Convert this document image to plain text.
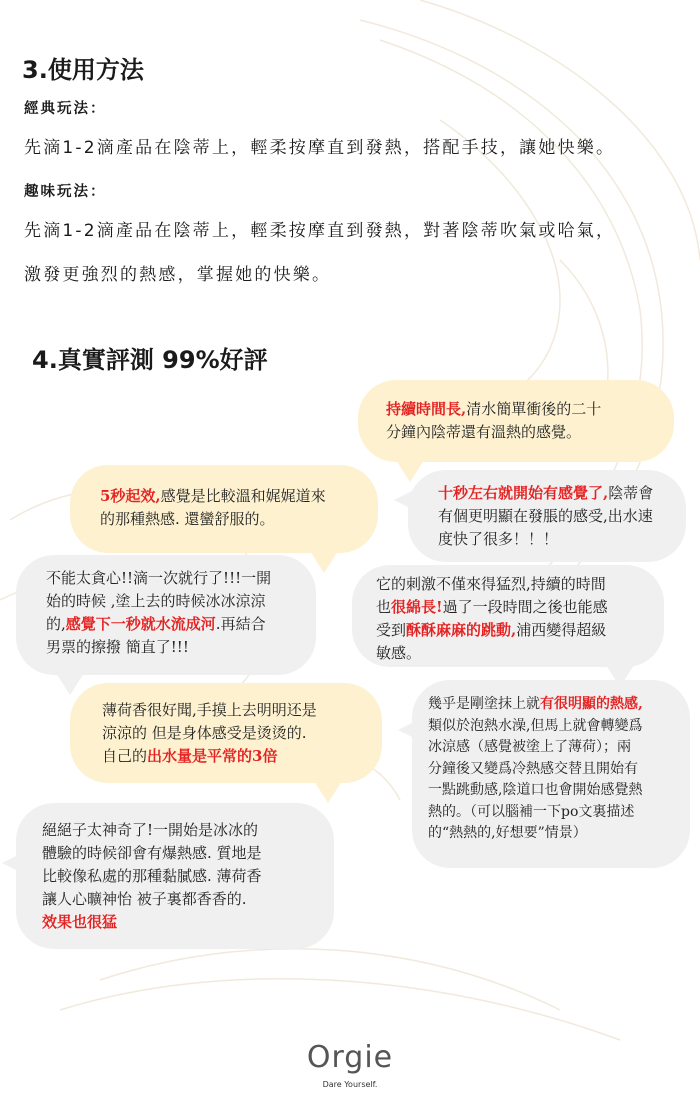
3.使用方法
經典玩法：
先滴1-2滴產品在陰蒂上，輕柔按摩直到發熱，搭配手技，讓她快樂。
趣味玩法：
先滴1-2滴產品在陰蒂上，輕柔按摩直到發熱，對著陰蒂吹氣或哈氣，
激發更強烈的熱感，掌握她的快樂。
4.真實評測 99%好評
持續時間長,清水簡單衝後的二十
分鐘內陰蒂還有溫熱的感覺。
5秒起效,感覺是比較溫和娓娓道來
的那種熱感. 還蠻舒服的。
十秒左右就開始有感覺了,陰蒂會
有個更明顯在發脹的感受,出水速
度快了很多！！！
不能太貪心!!滴一次就行了!!!一開
始的時候 ,塗上去的時候冰冰涼涼
的,感覺下一秒就水流成河.再結合
男票的擦撥 簡直了!!!
它的刺激不僅來得猛烈,持續的時間
也很綿長!過了一段時間之後也能感
受到酥酥麻麻的跳動,浦西變得超級
敏感。
薄荷香很好聞,手摸上去明明还是
涼涼的 但是身体感受是烫烫的.
自己的出水量是平常的3倍
幾乎是剛塗抹上就有很明顯的熱感,
類似於泡熱水澡,但馬上就會轉變爲
冰涼感（感覺被塗上了薄荷）；兩
分鐘後又變爲冷熱感交替且開始有
一點跳動感,陰道口也會開始感覺熱
熱的。（可以腦補一下po文裏描述
的“熱熱的,好想要”情景）
絕絕子太神奇了!一開始是冰冰的
體驗的時候卻會有爆熱感. 質地是
比較像私處的那種黏膩感. 薄荷香
讓人心曠神怡 被子裏都香香的.
效果也很猛
Orgie
Dare Yourself.
